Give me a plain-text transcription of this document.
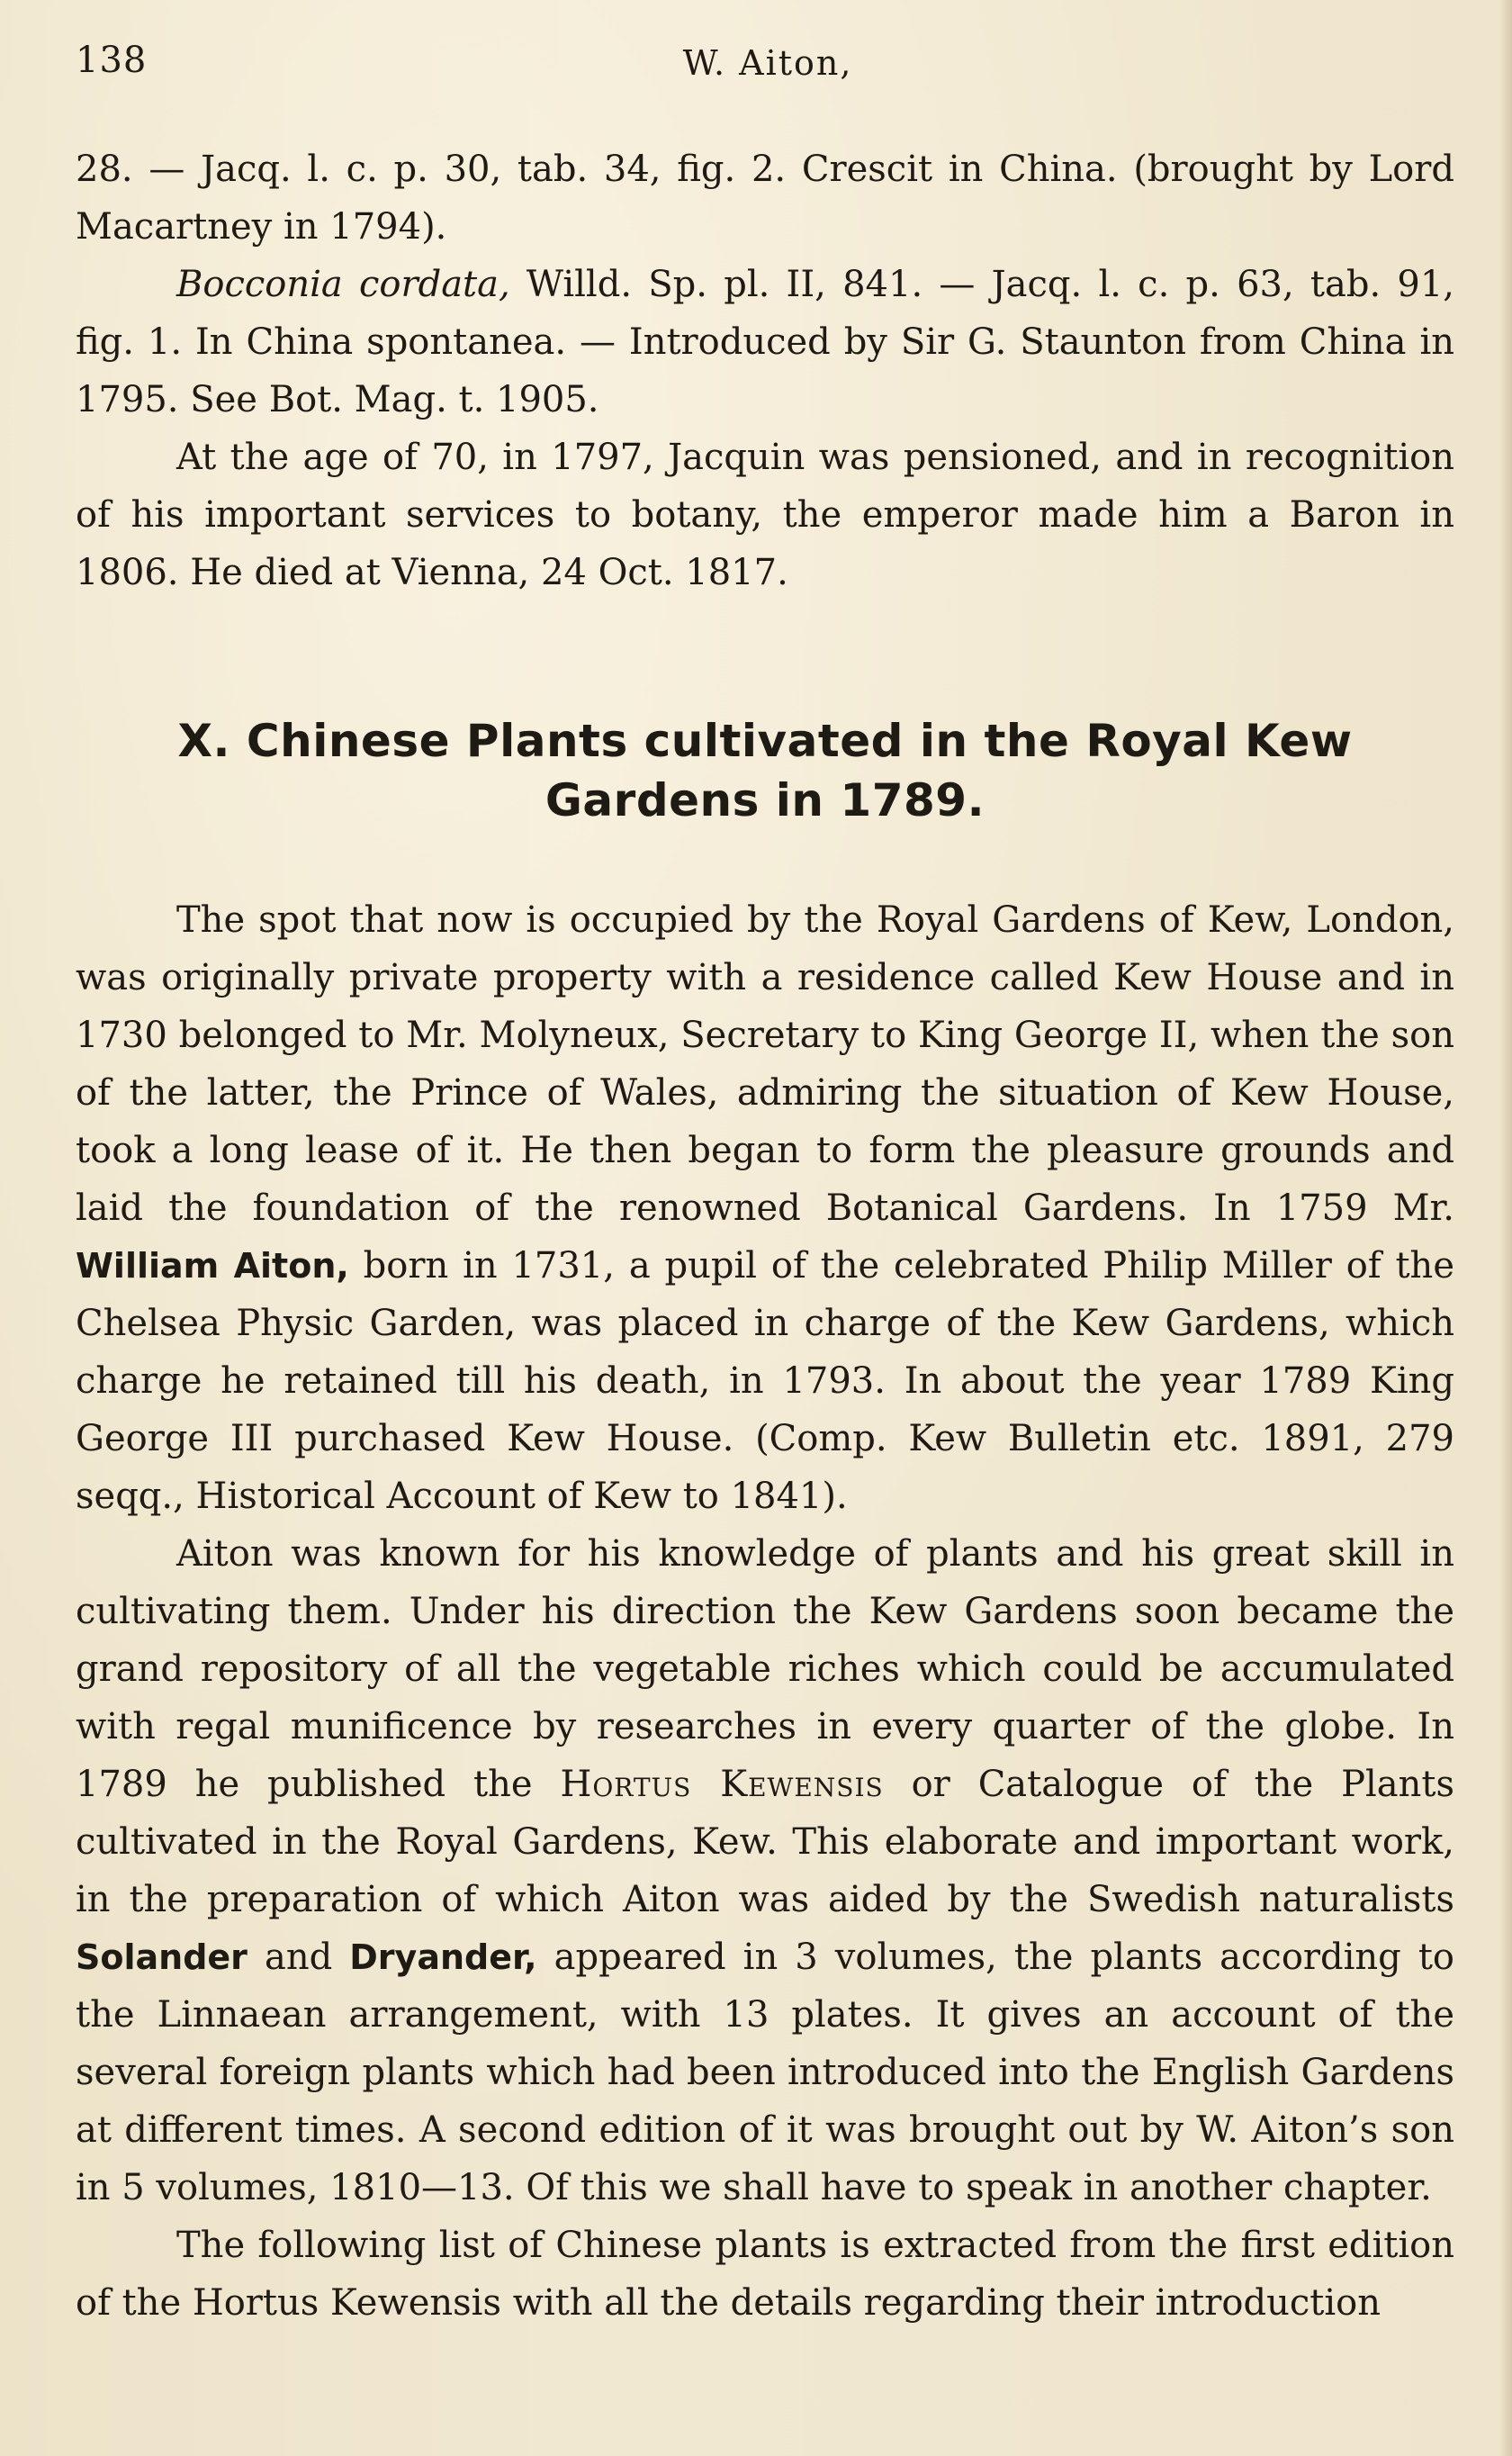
138	W. Aiton,

28. — Jacq. l. c. p. 30, tab. 34, fig. 2. Crescit in China. (brought by Lord Macartney in 1794).

Bocconia cordata, Willd. Sp. pl. II, 841. — Jacq. l. c. p. 63, tab. 91, fig. 1. In China spontanea. — Introduced by Sir G. Staunton from China in 1795. See Bot. Mag. t. 1905.

At the age of 70, in 1797, Jacquin was pensioned, and in recognition of his important services to botany, the emperor made him a Baron in 1806. He died at Vienna, 24 Oct. 1817.

X. Chinese Plants cultivated in the Royal Kew Gardens in 1789.

The spot that now is occupied by the Royal Gardens of Kew, London, was originally private property with a residence called Kew House and in 1730 belonged to Mr. Molyneux, Secretary to King George II, when the son of the latter, the Prince of Wales, admiring the situation of Kew House, took a long lease of it. He then began to form the pleasure grounds and laid the foundation of the renowned Botanical Gardens. In 1759 Mr. William Aiton, born in 1731, a pupil of the celebrated Philip Miller of the Chelsea Physic Garden, was placed in charge of the Kew Gardens, which charge he retained till his death, in 1793. In about the year 1789 King George III purchased Kew House. (Comp. Kew Bulletin etc. 1891, 279 seqq., Historical Account of Kew to 1841).

Aiton was known for his knowledge of plants and his great skill in cultivating them. Under his direction the Kew Gardens soon became the grand repository of all the vegetable riches which could be accumulated with regal munificence by researches in every quarter of the globe. In 1789 he published the Hortus Kewensis or Catalogue of the Plants cultivated in the Royal Gardens, Kew. This elaborate and important work, in the preparation of which Aiton was aided by the Swedish naturalists Solander and Dryander, appeared in 3 volumes, the plants according to the Linnaean arrangement, with 13 plates. It gives an account of the several foreign plants which had been introduced into the English Gardens at different times. A second edition of it was brought out by W. Aiton’s son in 5 volumes, 1810—13. Of this we shall have to speak in another chapter.

The following list of Chinese plants is extracted from the first edition of the Hortus Kewensis with all the details regarding their introduction
